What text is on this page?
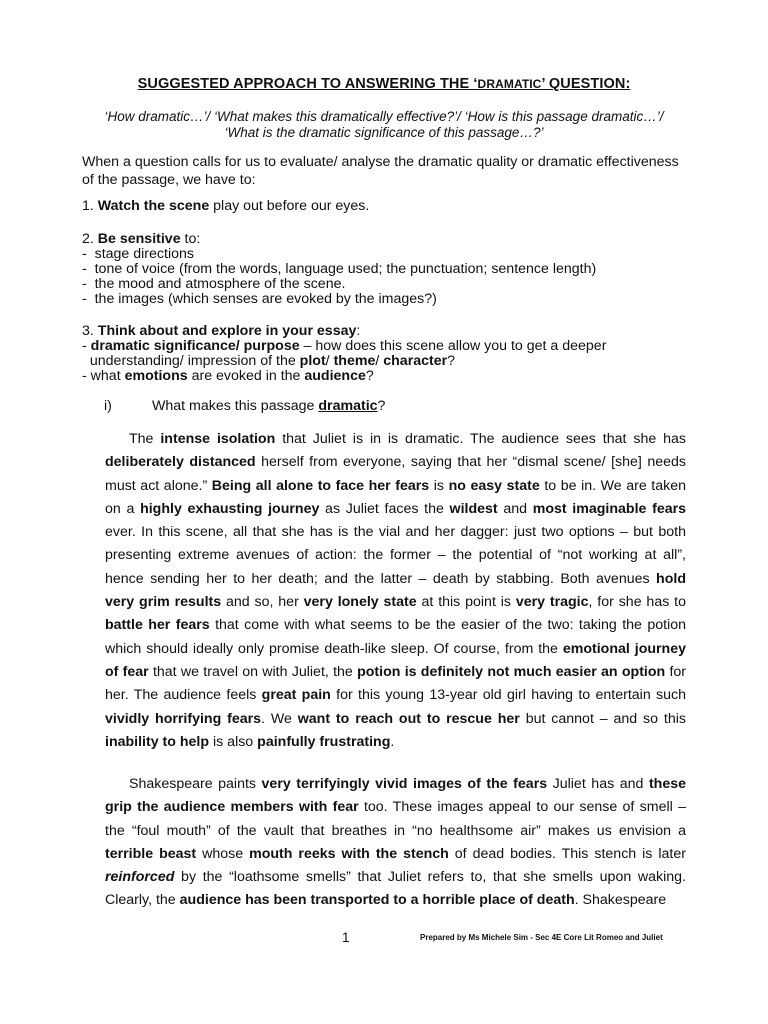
SUGGESTED APPROACH TO ANSWERING THE ‘DRAMATIC’ QUESTION:
‘How dramatic…’/ ‘What makes this dramatically effective?’/ ‘How is this passage dramatic…’/
‘What is the dramatic significance of this passage…?’
When a question calls for us to evaluate/ analyse the dramatic quality or dramatic effectiveness
of the passage, we have to:
1. Watch the scene play out before our eyes.
2. Be sensitive to:
-  stage directions
-  tone of voice (from the words, language used; the punctuation; sentence length)
-  the mood and atmosphere of the scene.
-  the images (which senses are evoked by the images?)
3. Think about and explore in your essay:
- dramatic significance/ purpose – how does this scene allow you to get a deeper
understanding/ impression of the plot/ theme/ character?
- what emotions are evoked in the audience?
i)	What makes this passage dramatic?
The intense isolation that Juliet is in is dramatic. The audience sees that she has
deliberately distanced herself from everyone, saying that her “dismal scene/ [she] needs
must act alone.” Being all alone to face her fears is no easy state to be in. We are taken
on a highly exhausting journey as Juliet faces the wildest and most imaginable fears
ever. In this scene, all that she has is the vial and her dagger: just two options – but both
presenting extreme avenues of action: the former – the potential of “not working at all”,
hence sending her to her death; and the latter – death by stabbing. Both avenues hold
very grim results and so, her very lonely state at this point is very tragic, for she has to
battle her fears that come with what seems to be the easier of the two: taking the potion
which should ideally only promise death-like sleep. Of course, from the emotional journey
of fear that we travel on with Juliet, the potion is definitely not much easier an option for
her. The audience feels great pain for this young 13-year old girl having to entertain such
vividly horrifying fears. We want to reach out to rescue her but cannot – and so this
inability to help is also painfully frustrating.
Shakespeare paints very terrifyingly vivid images of the fears Juliet has and these
grip the audience members with fear too. These images appeal to our sense of smell –
the “foul mouth” of the vault that breathes in “no healthsome air” makes us envision a
terrible beast whose mouth reeks with the stench of dead bodies. This stench is later
reinforced by the “loathsome smells” that Juliet refers to, that she smells upon waking.
Clearly, the audience has been transported to a horrible place of death. Shakespeare
1	Prepared by Ms Michele Sim - Sec 4E Core Lit Romeo and Juliet
